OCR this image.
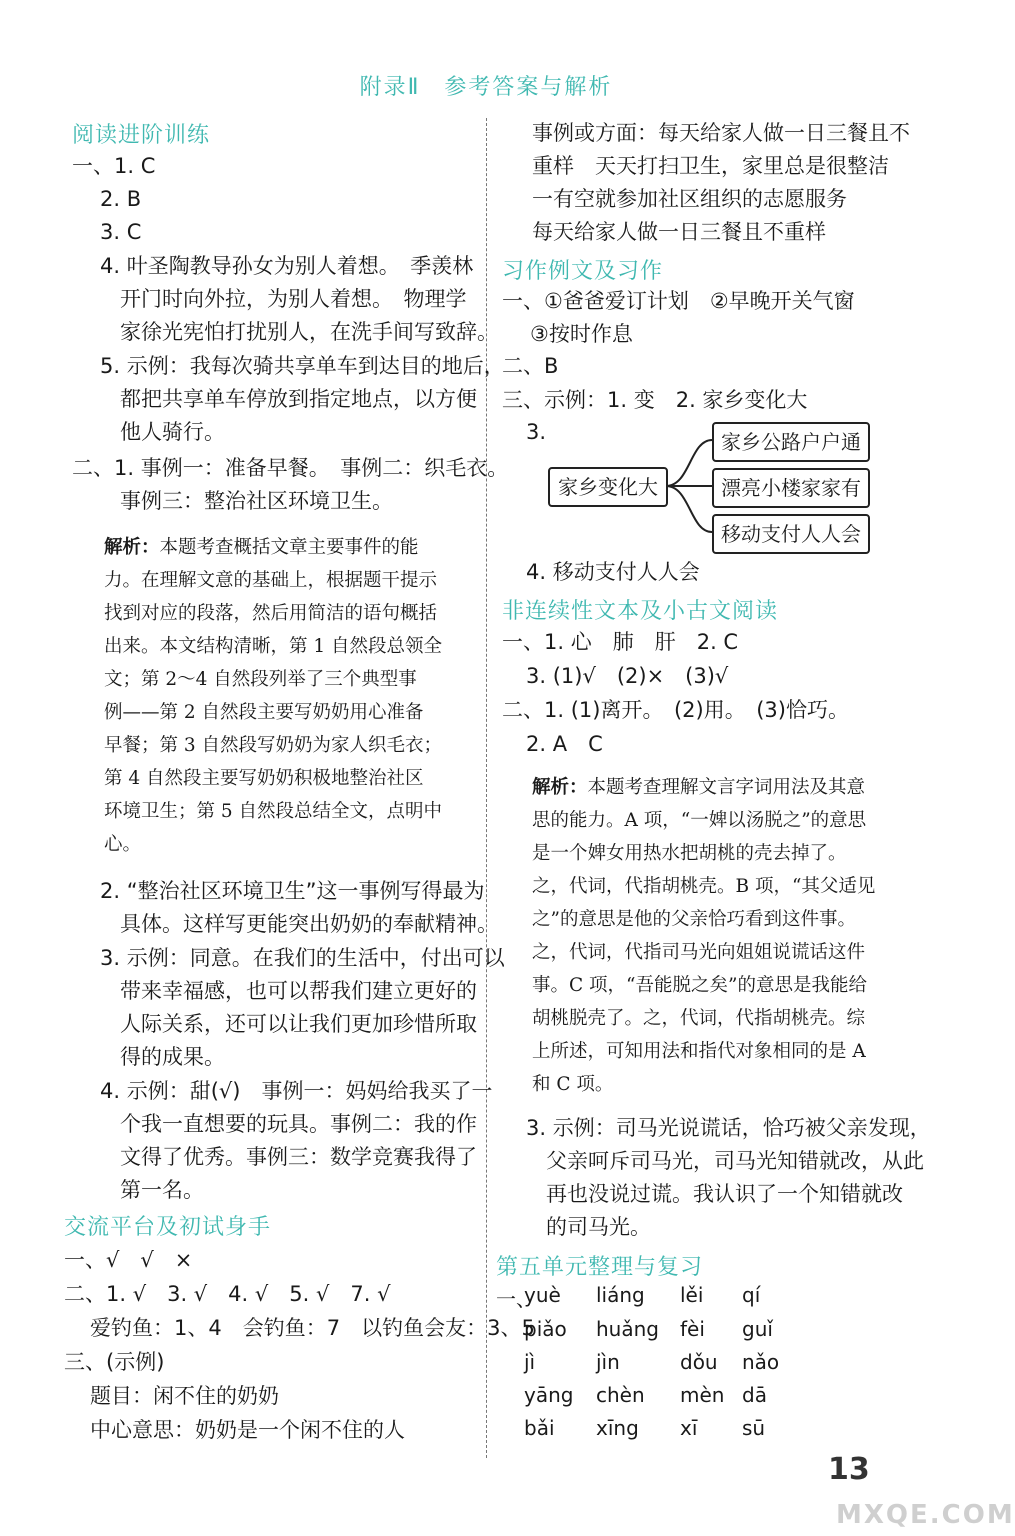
附录Ⅱ　参考答案与解析
阅读进阶训练
一、1. C
2. B
3. C
4. 叶圣陶教导孙女为别人着想。　季羡林
开门时向外拉，为别人着想。　物理学
家徐光宪怕打扰别人，在洗手间写致辞。
5. 示例：我每次骑共享单车到达目的地后，
都把共享单车停放到指定地点，以方便
他人骑行。
二、1. 事例一：准备早餐。　事例二：织毛衣。
事例三：整治社区环境卫生。
解析：本题考查概括文章主要事件的能
力。在理解文意的基础上，根据题干提示
找到对应的段落，然后用简洁的语句概括
出来。本文结构清晰，第 1 自然段总领全
文；第 2～4 自然段列举了三个典型事
例——第 2 自然段主要写奶奶用心准备
早餐；第 3 自然段写奶奶为家人织毛衣；
第 4 自然段主要写奶奶积极地整治社区
环境卫生；第 5 自然段总结全文，点明中
心。
2. “整治社区环境卫生”这一事例写得最为
具体。这样写更能突出奶奶的奉献精神。
3. 示例：同意。在我们的生活中，付出可以
带来幸福感，也可以帮我们建立更好的
人际关系，还可以让我们更加珍惜所取
得的成果。
4. 示例：甜(√)　事例一：妈妈给我买了一
个我一直想要的玩具。事例二：我的作
文得了优秀。事例三：数学竞赛我得了
第一名。
交流平台及初试身手
一、√　√　×
二、1. √　3. √　4. √　5. √　7. √
爱钓鱼：1、4　会钓鱼：7　以钓鱼会友：3、5
三、(示例)
题目：闲不住的奶奶
中心意思：奶奶是一个闲不住的人
事例或方面：每天给家人做一日三餐且不
重样　天天打扫卫生，家里总是很整洁
一有空就参加社区组织的志愿服务
每天给家人做一日三餐且不重样
习作例文及习作
一、①爸爸爱订计划　②早晚开关气窗
③按时作息
二、B
三、示例：1. 变　2. 家乡变化大
3.
家乡变化大
家乡公路户户通
漂亮小楼家家有
移动支付人人会
4. 移动支付人人会
非连续性文本及小古文阅读
一、1. 心　肺　肝　2. C
3. (1)√　(2)×　(3)√
二、1. (1)离开。　(2)用。　(3)恰巧。
2. A　C
解析：本题考查理解文言字词用法及其意
思的能力。A 项，“一婢以汤脱之”的意思
是一个婢女用热水把胡桃的壳去掉了。
之，代词，代指胡桃壳。B 项，“其父适见
之”的意思是他的父亲恰巧看到这件事。
之，代词，代指司马光向姐姐说谎话这件
事。C 项，“吾能脱之矣”的意思是我能给
胡桃脱壳了。之，代词，代指胡桃壳。综
上所述，可知用法和指代对象相同的是 A
和 C 项。
3. 示例：司马光说谎话，恰巧被父亲发现，
父亲呵斥司马光，司马光知错就改，从此
再也没说过谎。我认识了一个知错就改
的司马光。
第五单元整理与复习
一、
yuè liáng lěi qí
piǎo huǎng fèi guǐ
jì	jìn	dǒu nǎo
yāng chèn mèn dā
bǎi xīng xī sū
13
MXQE.COM
